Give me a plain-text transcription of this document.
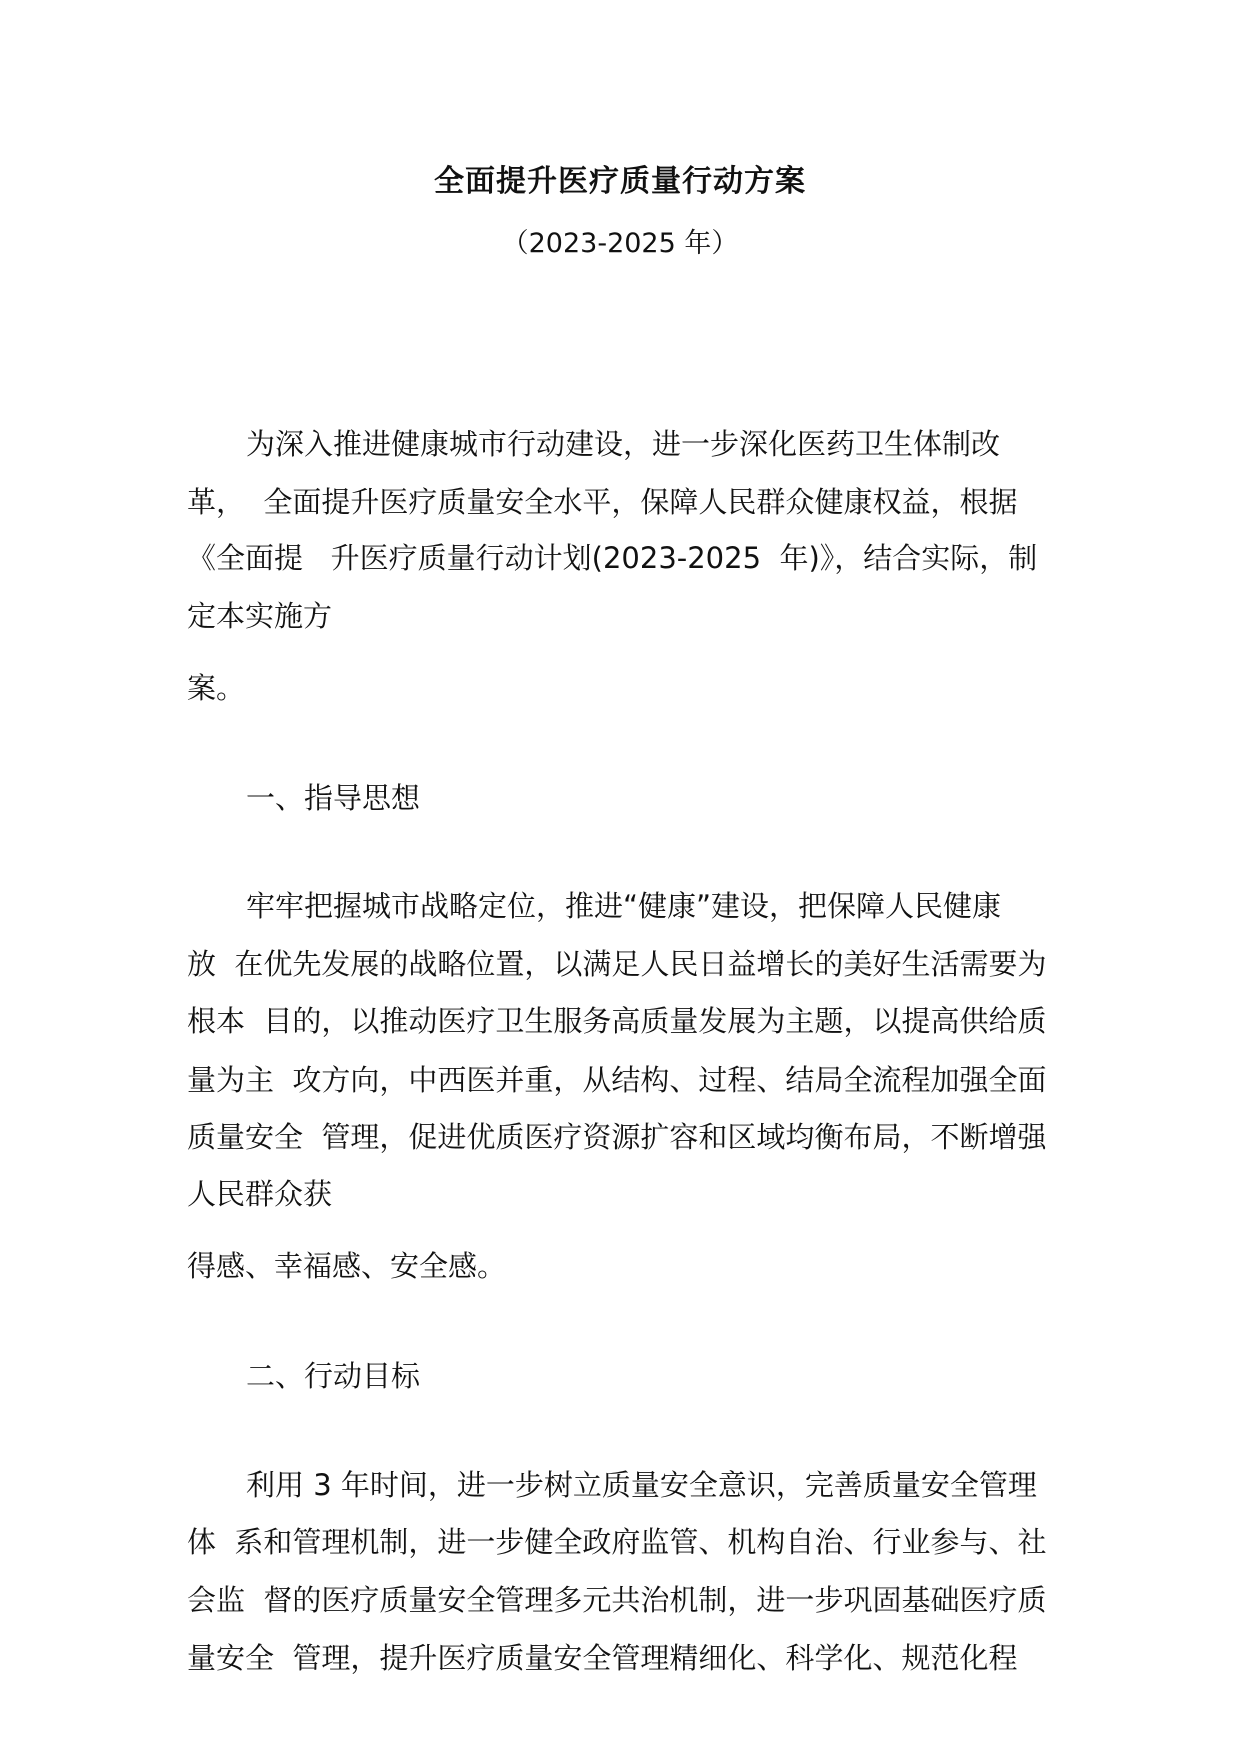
全面提升医疗质量行动方案
（2023-2025 年）
为深入推进健康城市行动建设，进一步深化医药卫生体制改
革，  全面提升医疗质量安全水平，保障人民群众健康权益，根据
《全面提   升医疗质量行动计划(2023-2025  年)》，结合实际，制
定本实施方
案。
一、指导思想
牢牢把握城市战略定位，推进“健康”建设，把保障人民健康
放  在优先发展的战略位置，以满足人民日益增长的美好生活需要为
根本  目的，以推动医疗卫生服务高质量发展为主题，以提高供给质
量为主  攻方向，中西医并重，从结构、过程、结局全流程加强全面
质量安全  管理，促进优质医疗资源扩容和区域均衡布局，不断增强
人民群众获
得感、幸福感、安全感。
二、行动目标
利用 3 年时间，进一步树立质量安全意识，完善质量安全管理
体  系和管理机制，进一步健全政府监管、机构自治、行业参与、社
会监  督的医疗质量安全管理多元共治机制，进一步巩固基础医疗质
量安全  管理，提升医疗质量安全管理精细化、科学化、规范化程
